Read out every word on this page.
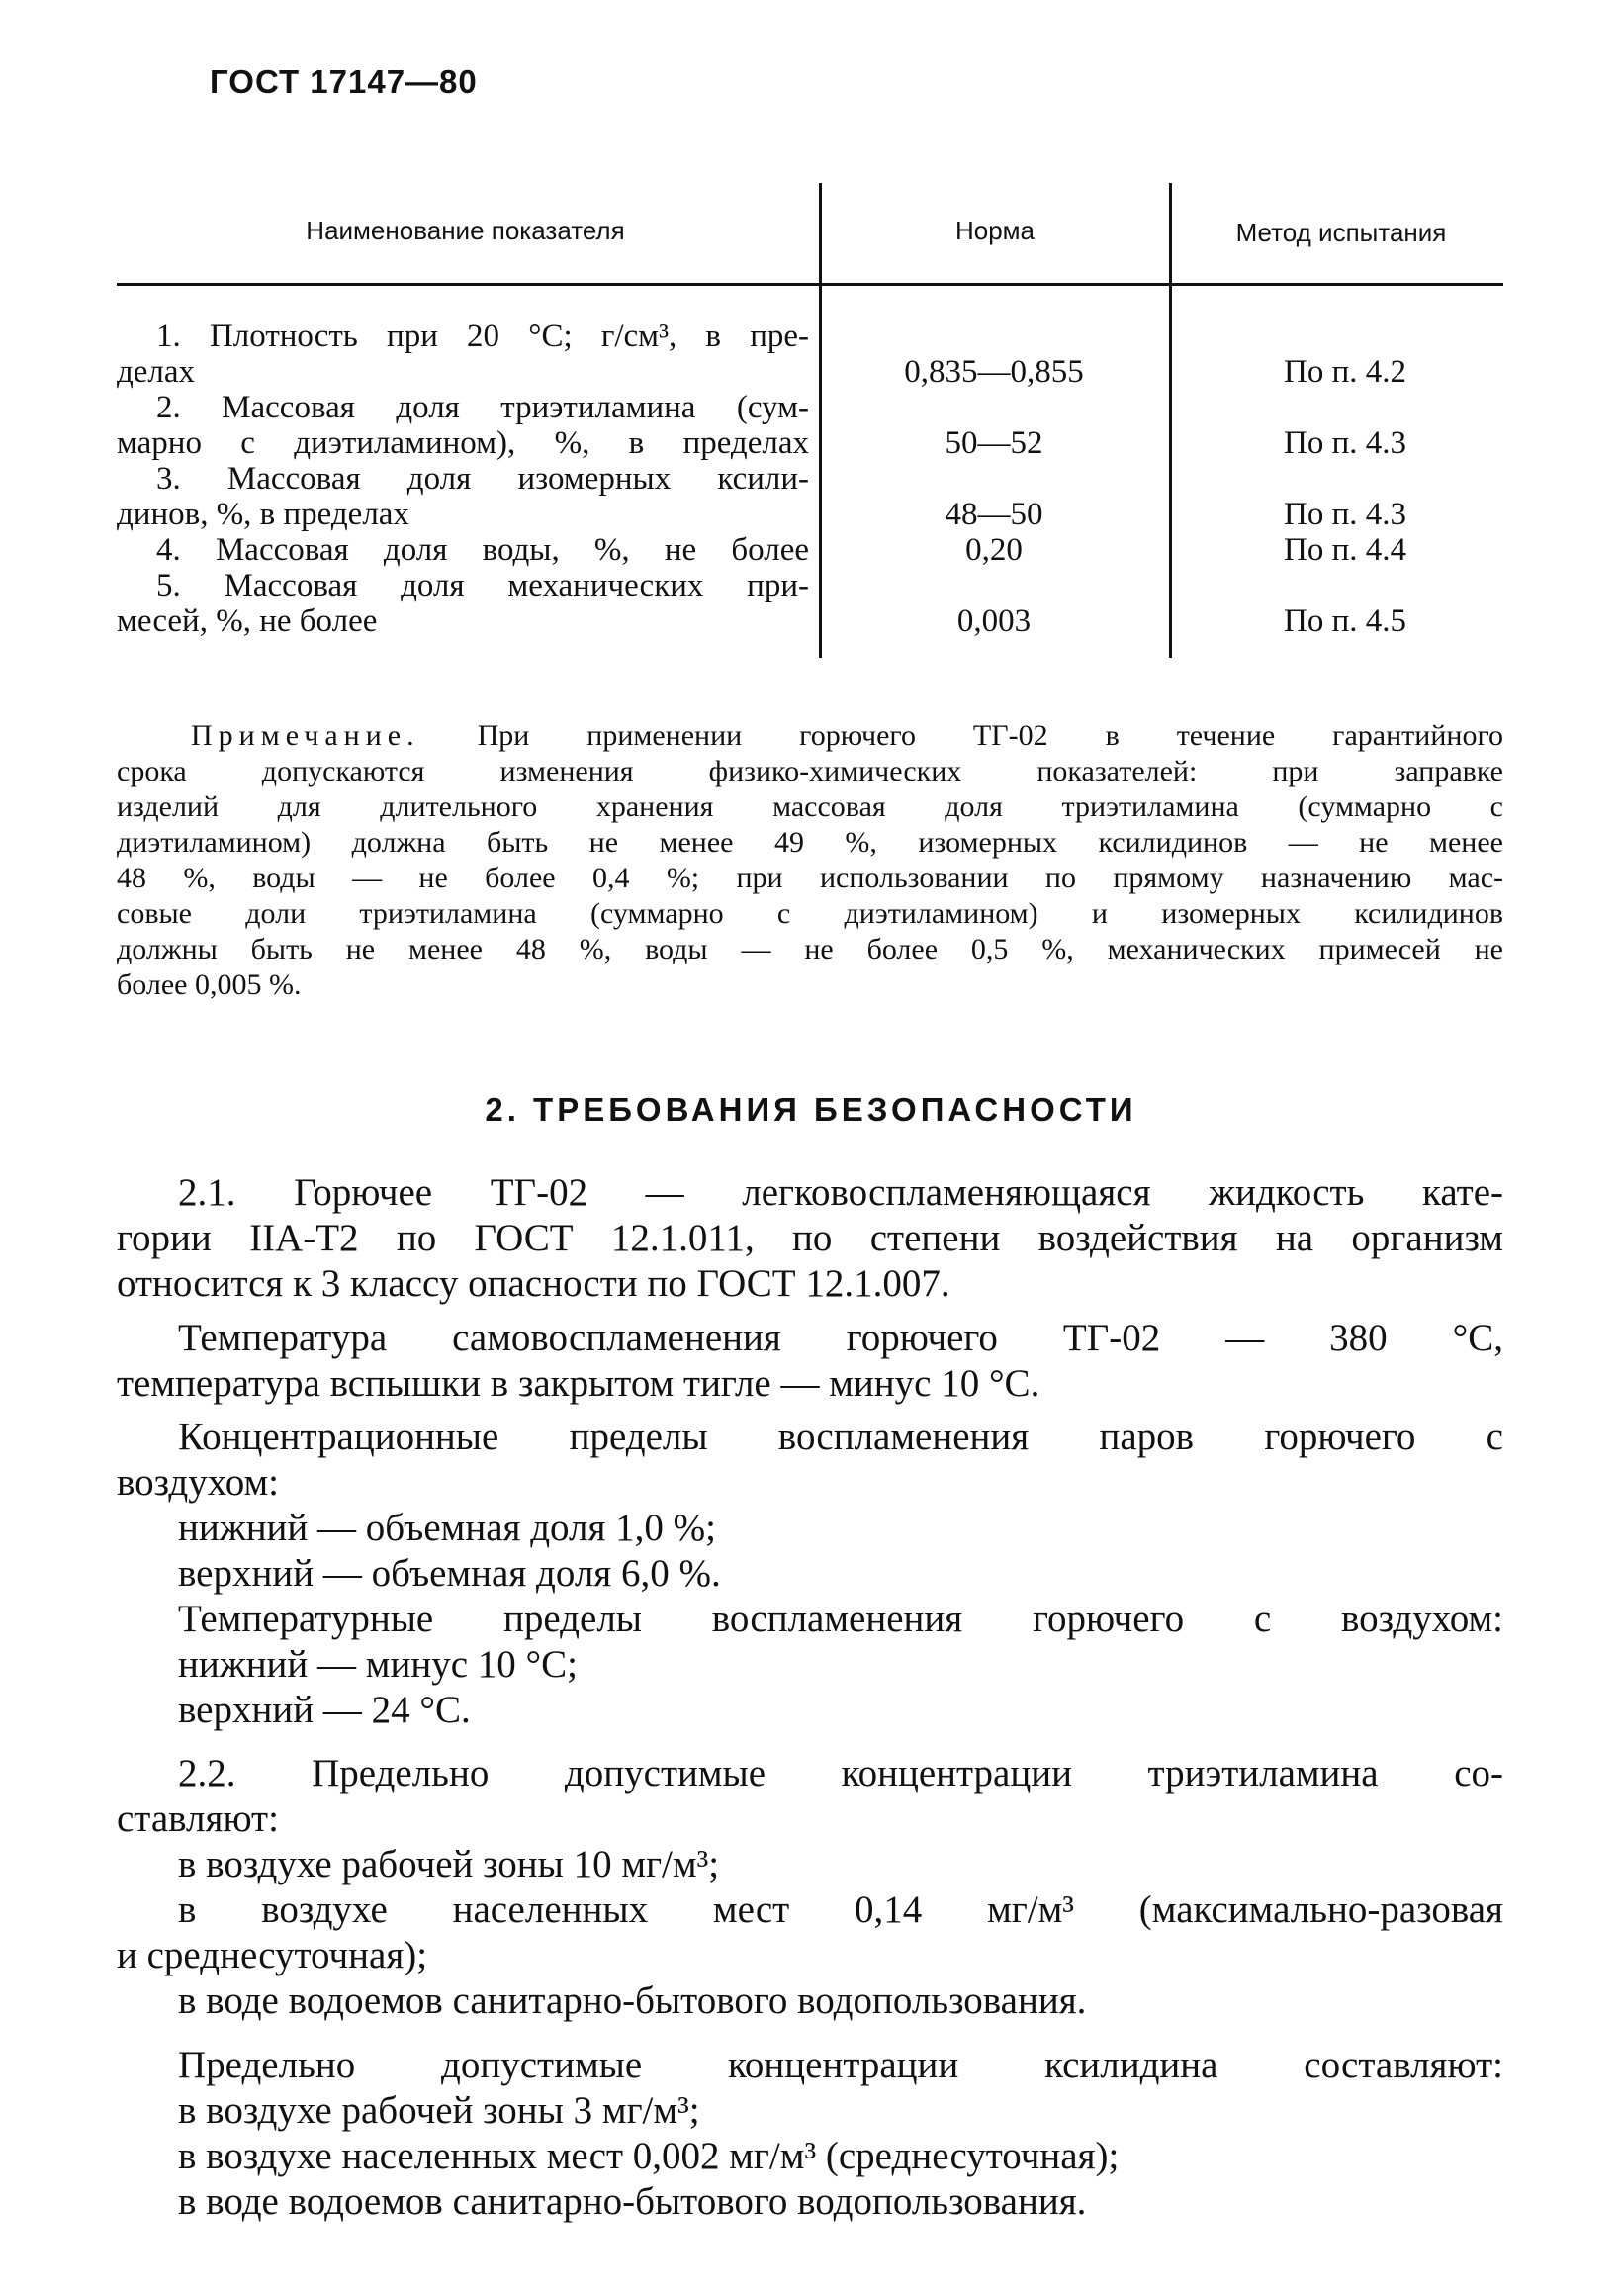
ГОСТ 17147—80
Наименование показателя	Норма	Метод испытания
1. Плотность при 20 °С; г/см³, в пре-
делах	0,835—0,855	По п. 4.2
2. Массовая доля триэтиламина (сум-
марно с диэтиламином), %, в пределах	50—52	По п. 4.3
3. Массовая доля изомерных ксили-
динов, %, в пределах	48—50	По п. 4.3
4. Массовая доля воды, %, не более	0,20	По п. 4.4
5. Массовая доля механических при-
месей, %, не более	0,003	По п. 4.5
Примечание. При применении горючего ТГ-02 в течение гарантийного
срока допускаются изменения физико-химических показателей: при заправке
изделий для длительного хранения массовая доля триэтиламина (суммарно с
диэтиламином) должна быть не менее 49 %, изомерных ксилидинов — не менее
48 %, воды — не более 0,4 %; при использовании по прямому назначению мас-
совые доли триэтиламина (суммарно с диэтиламином) и изомерных ксилидинов
должны быть не менее 48 %, воды — не более 0,5 %, механических примесей не
более 0,005 %.
2. ТРЕБОВАНИЯ БЕЗОПАСНОСТИ
2.1. Горючее ТГ-02 — легковоспламеняющаяся жидкость кате-
гории IIА-Т2 по ГОСТ 12.1.011, по степени воздействия на организм
относится к 3 классу опасности по ГОСТ 12.1.007.
Температура самовоспламенения горючего ТГ-02 — 380 °С,
температура вспышки в закрытом тигле — минус 10 °С.
Концентрационные пределы воспламенения паров горючего с
воздухом:
нижний — объемная доля 1,0 %;
верхний — объемная доля 6,0 %.
Температурные пределы воспламенения горючего с воздухом:
нижний — минус 10 °С;
верхний — 24 °С.
2.2. Предельно допустимые концентрации триэтиламина со-
ставляют:
в воздухе рабочей зоны 10 мг/м³;
в воздухе населенных мест 0,14 мг/м³ (максимально-разовая
и среднесуточная);
в воде водоемов санитарно-бытового водопользования.
Предельно допустимые концентрации ксилидина составляют:
в воздухе рабочей зоны 3 мг/м³;
в воздухе населенных мест 0,002 мг/м³ (среднесуточная);
в воде водоемов санитарно-бытового водопользования.
